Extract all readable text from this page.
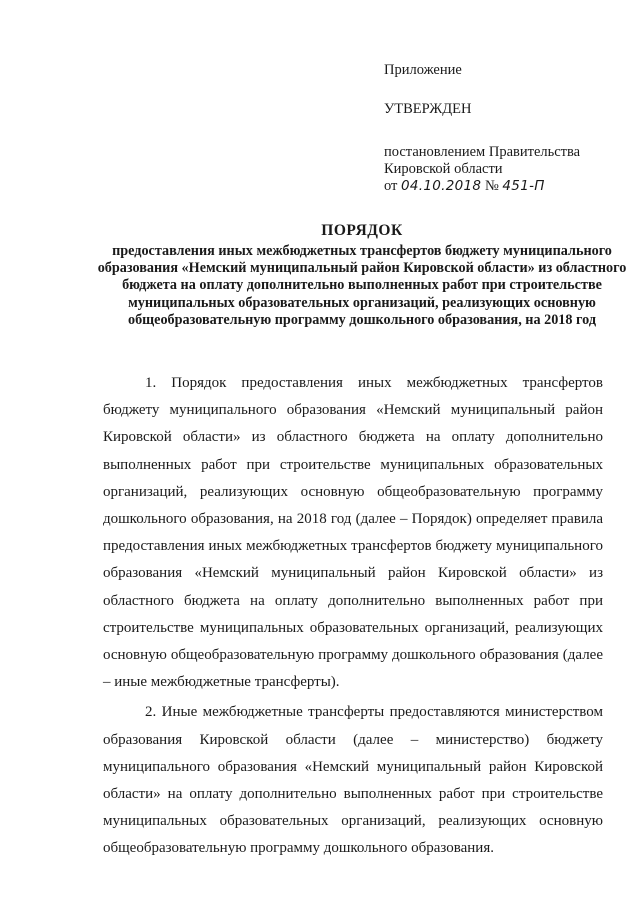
Приложение
УТВЕРЖДЕН
постановлением Правительства
Кировской области
от 04.10.2018 № 451-П
ПОРЯДОК
предоставления иных межбюджетных трансфертов бюджету муниципального образования «Немский муниципальный район Кировской области» из областного бюджета на оплату дополнительно выполненных работ при строительстве муниципальных образовательных организаций, реализующих основную общеобразовательную программу дошкольного образования, на 2018 год

1. Порядок предоставления иных межбюджетных трансфертов бюджету муниципального образования «Немский муниципальный район Кировской области» из областного бюджета на оплату дополнительно выполненных работ при строительстве муниципальных образовательных организаций, реализующих основную общеобразовательную программу дошкольного образования, на 2018 год (далее – Порядок) определяет правила предоставления иных межбюджетных трансфертов бюджету муниципального образования «Немский муниципальный район Кировской области» из областного бюджета на оплату дополнительно выполненных работ при строительстве муниципальных образовательных организаций, реализующих основную общеобразовательную программу дошкольного образования (далее – иные межбюджетные трансферты).

2. Иные межбюджетные трансферты предоставляются министерством образования Кировской области (далее – министерство) бюджету муниципального образования «Немский муниципальный район Кировской области» на оплату дополнительно выполненных работ при строительстве муниципальных образовательных организаций, реализующих основную общеобразовательную программу дошкольного образования.
